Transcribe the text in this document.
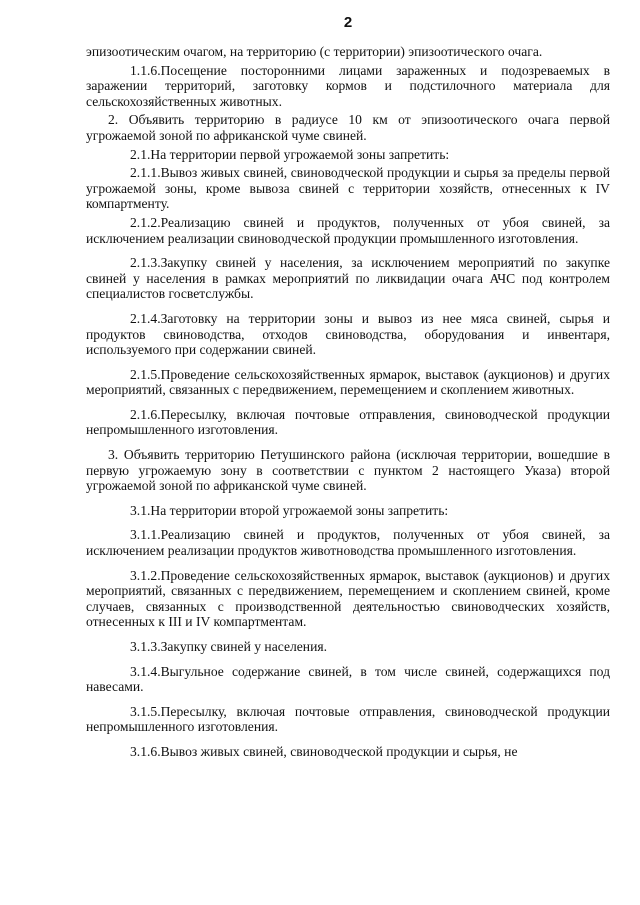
2
эпизоотическим очагом, на территорию (с территории) эпизоотического очага.
1.1.6.Посещение посторонними лицами зараженных и подозреваемых в заражении территорий, заготовку кормов и подстилочного материала для сельскохозяйственных животных.
2. Объявить территорию в радиусе 10 км от эпизоотического очага первой угрожаемой зоной по африканской чуме свиней.
2.1.На территории первой угрожаемой зоны запретить:
2.1.1.Вывоз живых свиней, свиноводческой продукции и сырья за пределы первой угрожаемой зоны, кроме вывоза свиней с территории хозяйств, отнесенных к IV компартменту.
2.1.2.Реализацию свиней и продуктов, полученных от убоя свиней, за исключением реализации свиноводческой продукции промышленного изготовления.
2.1.3.Закупку свиней у населения, за исключением мероприятий по закупке свиней у населения в рамках мероприятий по ликвидации очага АЧС под контролем специалистов госветслужбы.
2.1.4.Заготовку на территории зоны и вывоз из нее мяса свиней, сырья и продуктов свиноводства, отходов свиноводства, оборудования и инвентаря, используемого при содержании свиней.
2.1.5.Проведение сельскохозяйственных ярмарок, выставок (аукционов) и других мероприятий, связанных с передвижением, перемещением и скоплением животных.
2.1.6.Пересылку, включая почтовые отправления, свиноводческой продукции непромышленного изготовления.
3. Объявить территорию Петушинского района (исключая территории, вошедшие в первую угрожаемую зону в соответствии с пунктом 2 настоящего Указа) второй угрожаемой зоной по африканской чуме свиней.
3.1.На территории второй угрожаемой зоны запретить:
3.1.1.Реализацию свиней и продуктов, полученных от убоя свиней, за исключением реализации продуктов животноводства промышленного изготовления.
3.1.2.Проведение сельскохозяйственных ярмарок, выставок (аукционов) и других мероприятий, связанных с передвижением, перемещением и скоплением свиней, кроме случаев, связанных с производственной деятельностью свиноводческих хозяйств, отнесенных к III и IV компартментам.
3.1.3.Закупку свиней у населения.
3.1.4.Выгульное содержание свиней, в том числе свиней, содержащихся под навесами.
3.1.5.Пересылку, включая почтовые отправления, свиноводческой продукции непромышленного изготовления.
3.1.6.Вывоз живых свиней, свиноводческой продукции и сырья, не
